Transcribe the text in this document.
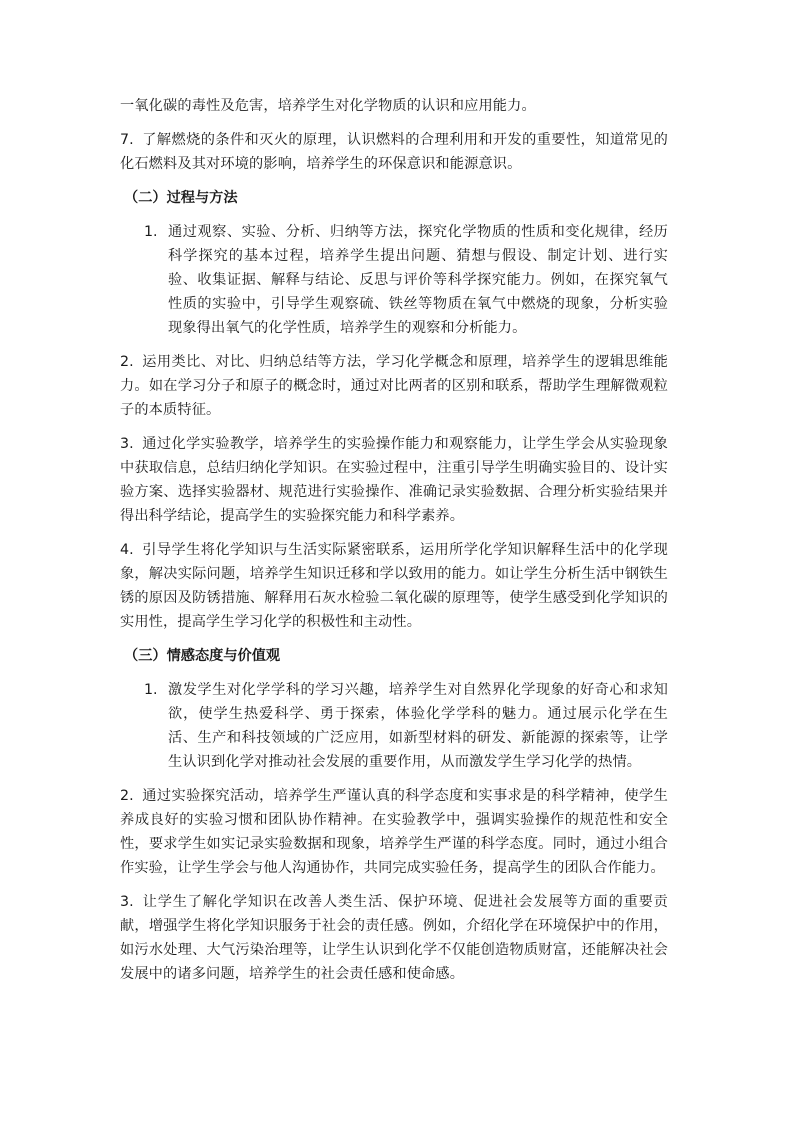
一氧化碳的毒性及危害，培养学生对化学物质的认识和应用能力。

7. 了解燃烧的条件和灭火的原理，认识燃料的合理利用和开发的重要性，知道常见的化石燃料及其对环境的影响，培养学生的环保意识和能源意识。

（二）过程与方法
1. 通过观察、实验、分析、归纳等方法，探究化学物质的性质和变化规律，经历科学探究的基本过程，培养学生提出问题、猜想与假设、制定计划、进行实验、收集证据、解释与结论、反思与评价等科学探究能力。例如，在探究氧气性质的实验中，引导学生观察硫、铁丝等物质在氧气中燃烧的现象，分析实验现象得出氧气的化学性质，培养学生的观察和分析能力。

2. 运用类比、对比、归纳总结等方法，学习化学概念和原理，培养学生的逻辑思维能力。如在学习分子和原子的概念时，通过对比两者的区别和联系，帮助学生理解微观粒子的本质特征。

3. 通过化学实验教学，培养学生的实验操作能力和观察能力，让学生学会从实验现象中获取信息，总结归纳化学知识。在实验过程中，注重引导学生明确实验目的、设计实验方案、选择实验器材、规范进行实验操作、准确记录实验数据、合理分析实验结果并得出科学结论，提高学生的实验探究能力和科学素养。

4. 引导学生将化学知识与生活实际紧密联系，运用所学化学知识解释生活中的化学现象，解决实际问题，培养学生知识迁移和学以致用的能力。如让学生分析生活中钢铁生锈的原因及防锈措施、解释用石灰水检验二氧化碳的原理等，使学生感受到化学知识的实用性，提高学生学习化学的积极性和主动性。

（三）情感态度与价值观
1. 激发学生对化学学科的学习兴趣，培养学生对自然界化学现象的好奇心和求知欲，使学生热爱科学、勇于探索，体验化学学科的魅力。通过展示化学在生活、生产和科技领域的广泛应用，如新型材料的研发、新能源的探索等，让学生认识到化学对推动社会发展的重要作用，从而激发学生学习化学的热情。

2. 通过实验探究活动，培养学生严谨认真的科学态度和实事求是的科学精神，使学生养成良好的实验习惯和团队协作精神。在实验教学中，强调实验操作的规范性和安全性，要求学生如实记录实验数据和现象，培养学生严谨的科学态度。同时，通过小组合作实验，让学生学会与他人沟通协作，共同完成实验任务，提高学生的团队合作能力。

3. 让学生了解化学知识在改善人类生活、保护环境、促进社会发展等方面的重要贡献，增强学生将化学知识服务于社会的责任感。例如，介绍化学在环境保护中的作用，如污水处理、大气污染治理等，让学生认识到化学不仅能创造物质财富，还能解决社会发展中的诸多问题，培养学生的社会责任感和使命感。
